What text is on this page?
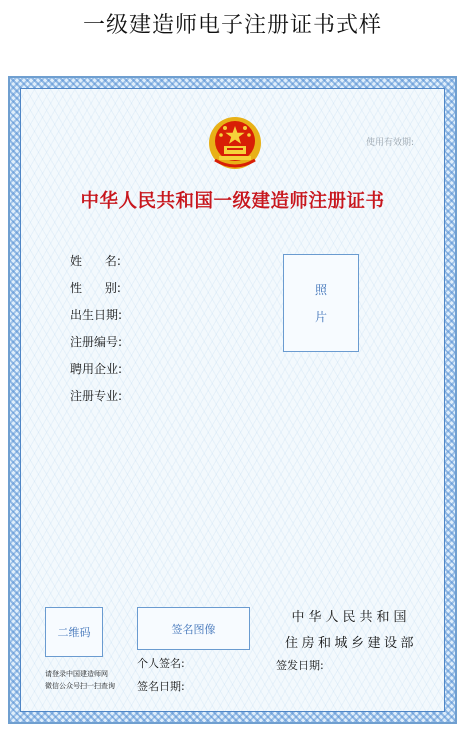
一级建造师电子注册证书式样
使用有效期:
中华人民共和国一级建造师注册证书
姓      名:
性      别:
出生日期:
注册编号:
聘用企业:
注册专业:
照
片
二维码
请登录中国建造师网
微信公众号扫一扫查询
签名图像
个人签名:
签名日期:
中华人民共和国
住房和城乡建设部
签发日期:
